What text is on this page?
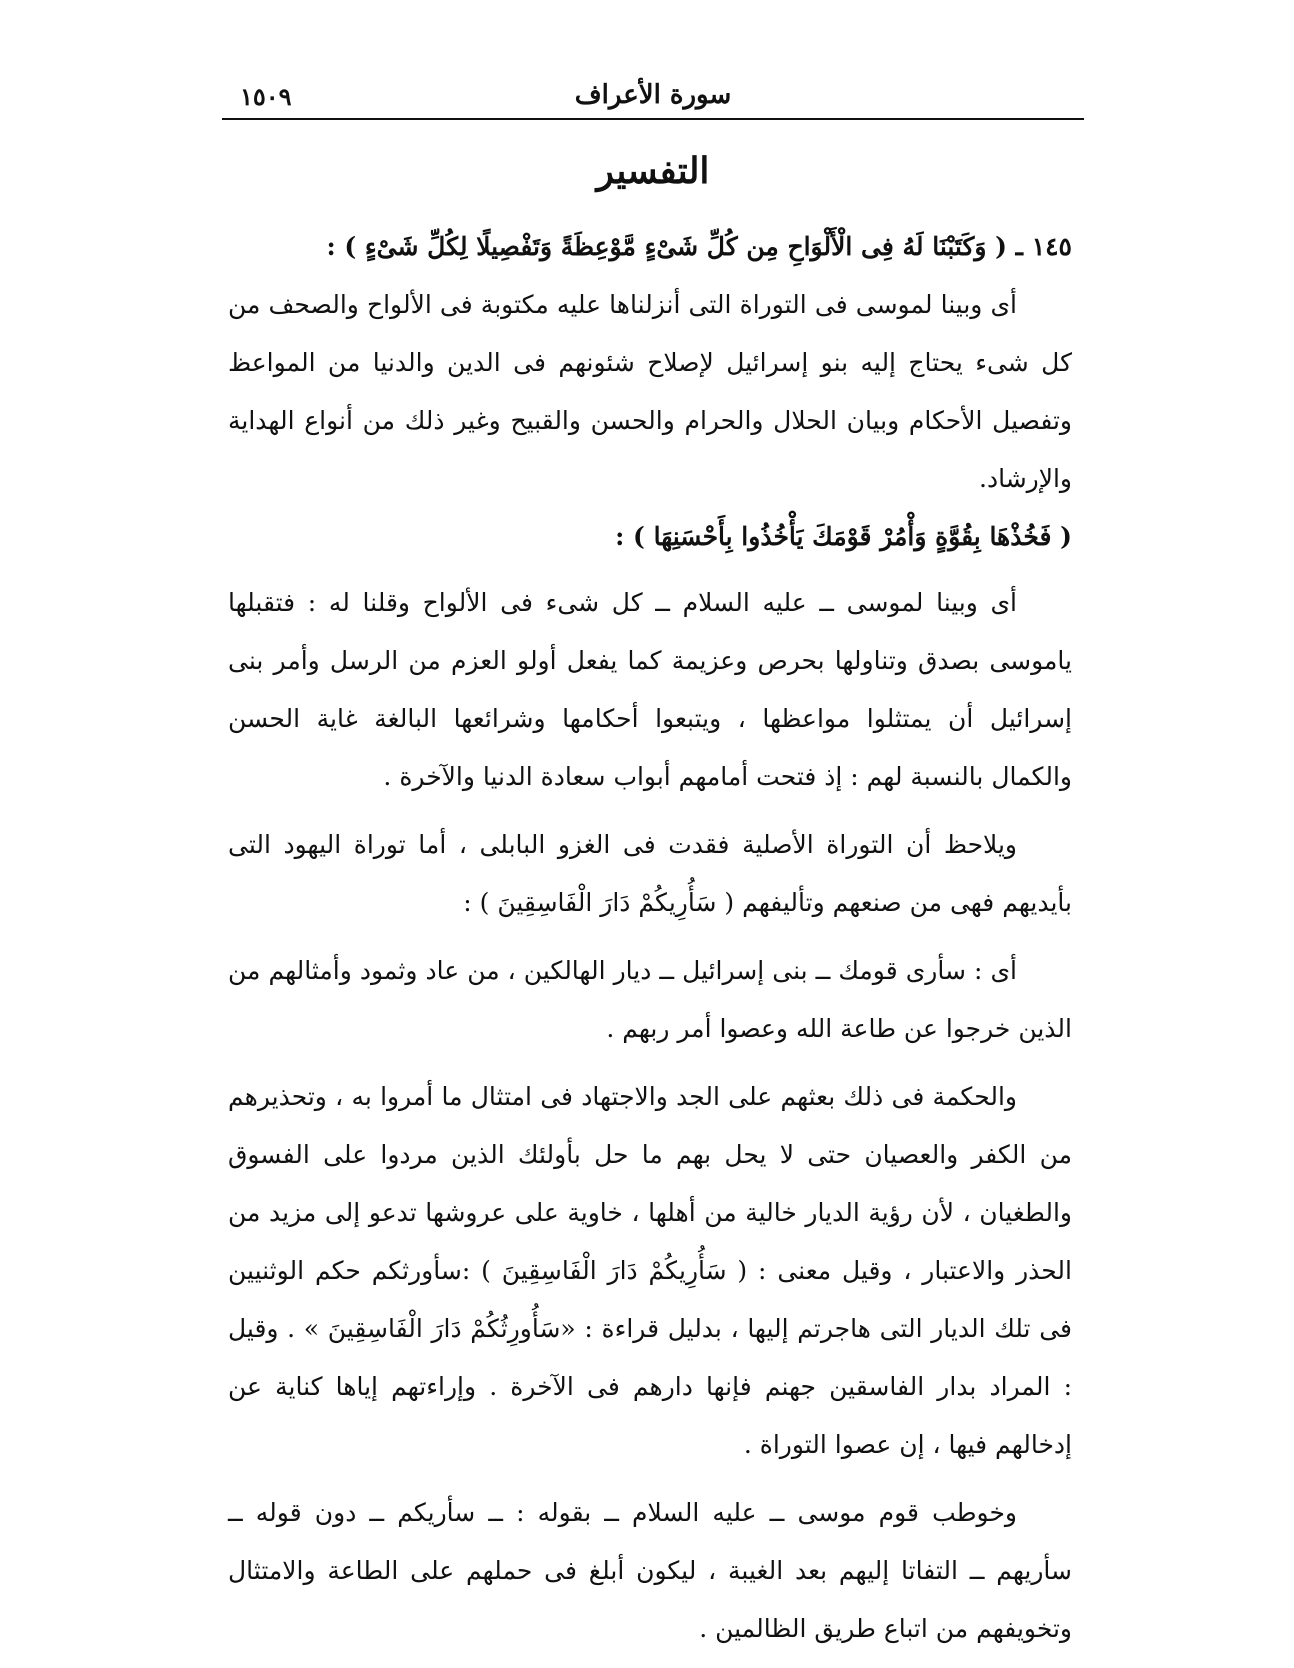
سورة الأعراف
١٥٠٩
التفسير

١٤٥ ـ ( وَكَتَبْنَا لَهُ فِى الْأَلْوَاحِ مِن كُلِّ شَىْءٍ مَّوْعِظَةً وَتَفْصِيلًا لِكُلِّ شَىْءٍ ) :

أى وبينا لموسى فى التوراة التى أنزلناها عليه مكتوبة فى الألواح والصحف من كل شىء يحتاج إليه بنو إسرائيل لإصلاح شئونهم فى الدين والدنيا من المواعظ وتفصيل الأحكام وبيان الحلال والحرام والحسن والقبيح وغير ذلك من أنواع الهداية والإرشاد.

( فَخُذْهَا بِقُوَّةٍ وَأْمُرْ قَوْمَكَ يَأْخُذُوا بِأَحْسَنِهَا ) :

أى وبينا لموسى ــ عليه السلام ــ كل شىء فى الألواح وقلنا له : فتقبلها ياموسى بصدق وتناولها بحرص وعزيمة كما يفعل أولو العزم من الرسل وأمر بنى إسرائيل أن يمتثلوا مواعظها ، ويتبعوا أحكامها وشرائعها البالغة غاية الحسن والكمال بالنسبة لهم : إذ فتحت أمامهم أبواب سعادة الدنيا والآخرة .

ويلاحظ أن التوراة الأصلية فقدت فى الغزو البابلى ، أما توراة اليهود التى بأيديهم فهى من صنعهم وتأليفهم ( سَأُرِيكُمْ دَارَ الْفَاسِقِينَ ) :

أى : سأرى قومك ــ بنى إسرائيل ــ ديار الهالكين ، من عاد وثمود وأمثالهم من الذين خرجوا عن طاعة الله وعصوا أمر ربهم .

والحكمة فى ذلك بعثهم على الجد والاجتهاد فى امتثال ما أمروا به ، وتحذيرهم من الكفر والعصيان حتى لا يحل بهم ما حل بأولئك الذين مردوا على الفسوق والطغيان ، لأن رؤية الديار خالية من أهلها ، خاوية على عروشها تدعو إلى مزيد من الحذر والاعتبار ، وقيل معنى : ( سَأُرِيكُمْ دَارَ الْفَاسِقِينَ ) :سأورثكم حكم الوثنيين فى تلك الديار التى هاجرتم إليها ، بدليل قراءة : «سَأُورِثُكُمْ دَارَ الْفَاسِقِينَ » . وقيل : المراد بدار الفاسقين جهنم فإنها دارهم فى الآخرة . وإراءتهم إياها كناية عن إدخالهم فيها ، إن عصوا التوراة .

وخوطب قوم موسى ــ عليه السلام ــ بقوله : ــ سأريكم ــ دون قوله ــ سأريهم ــ التفاتا إليهم بعد الغيبة ، ليكون أبلغ فى حملهم على الطاعة والامتثال وتخويفهم من اتباع طريق الظالمين .
